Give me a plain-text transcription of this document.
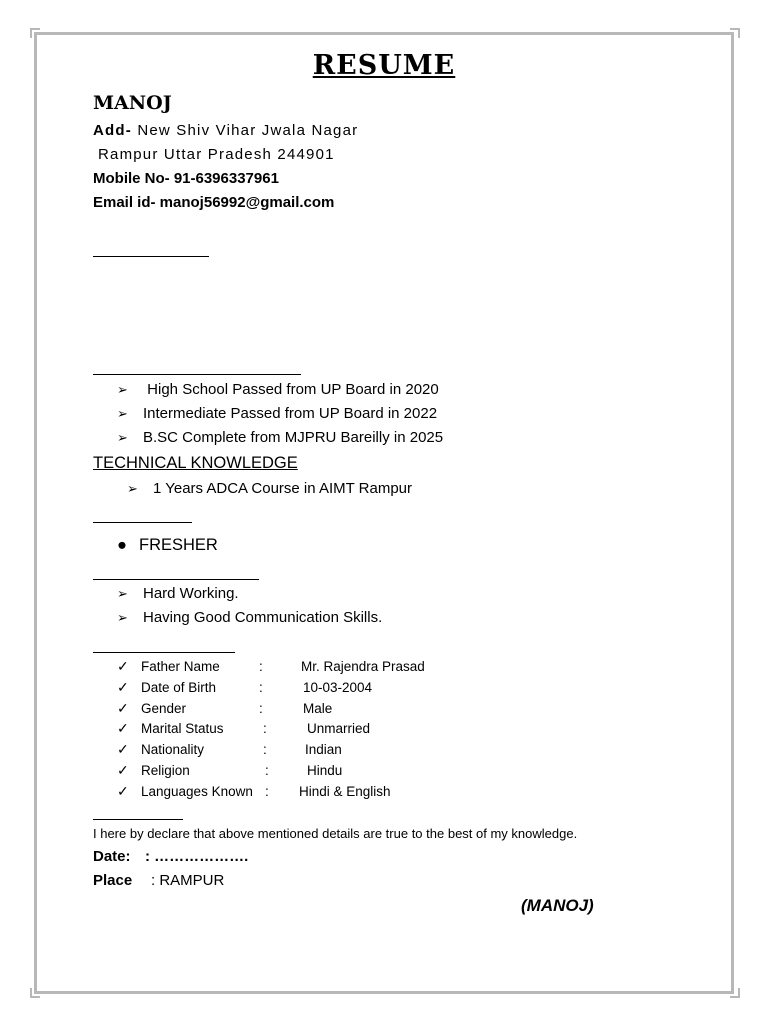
RESUME
MANOJ
Add- New Shiv Vihar Jwala Nagar
Rampur Uttar Pradesh 244901
Mobile No- 91-6396337961
Email id- manoj56992@gmail.com
➢ High School Passed from UP Board in 2020
➢ Intermediate Passed from UP Board in 2022
➢ B.SC Complete from MJPRU Bareilly in 2025
TECHNICAL KNOWLEDGE
➢ 1 Years ADCA Course in AIMT Rampur
● FRESHER
➢ Hard Working.
➢ Having Good Communication Skills.
✓ Father Name	:	Mr. Rajendra Prasad
✓ Date of Birth	:	10-03-2004
✓ Gender	:	Male
✓ Marital Status	:	Unmarried
✓ Nationality	:	Indian
✓ Religion	:	Hindu
✓ Languages Known : Hindi & English
I here by declare that above mentioned details are true to the best of my knowledge.
Date: : ……………….
Place : RAMPUR
(MANOJ)
